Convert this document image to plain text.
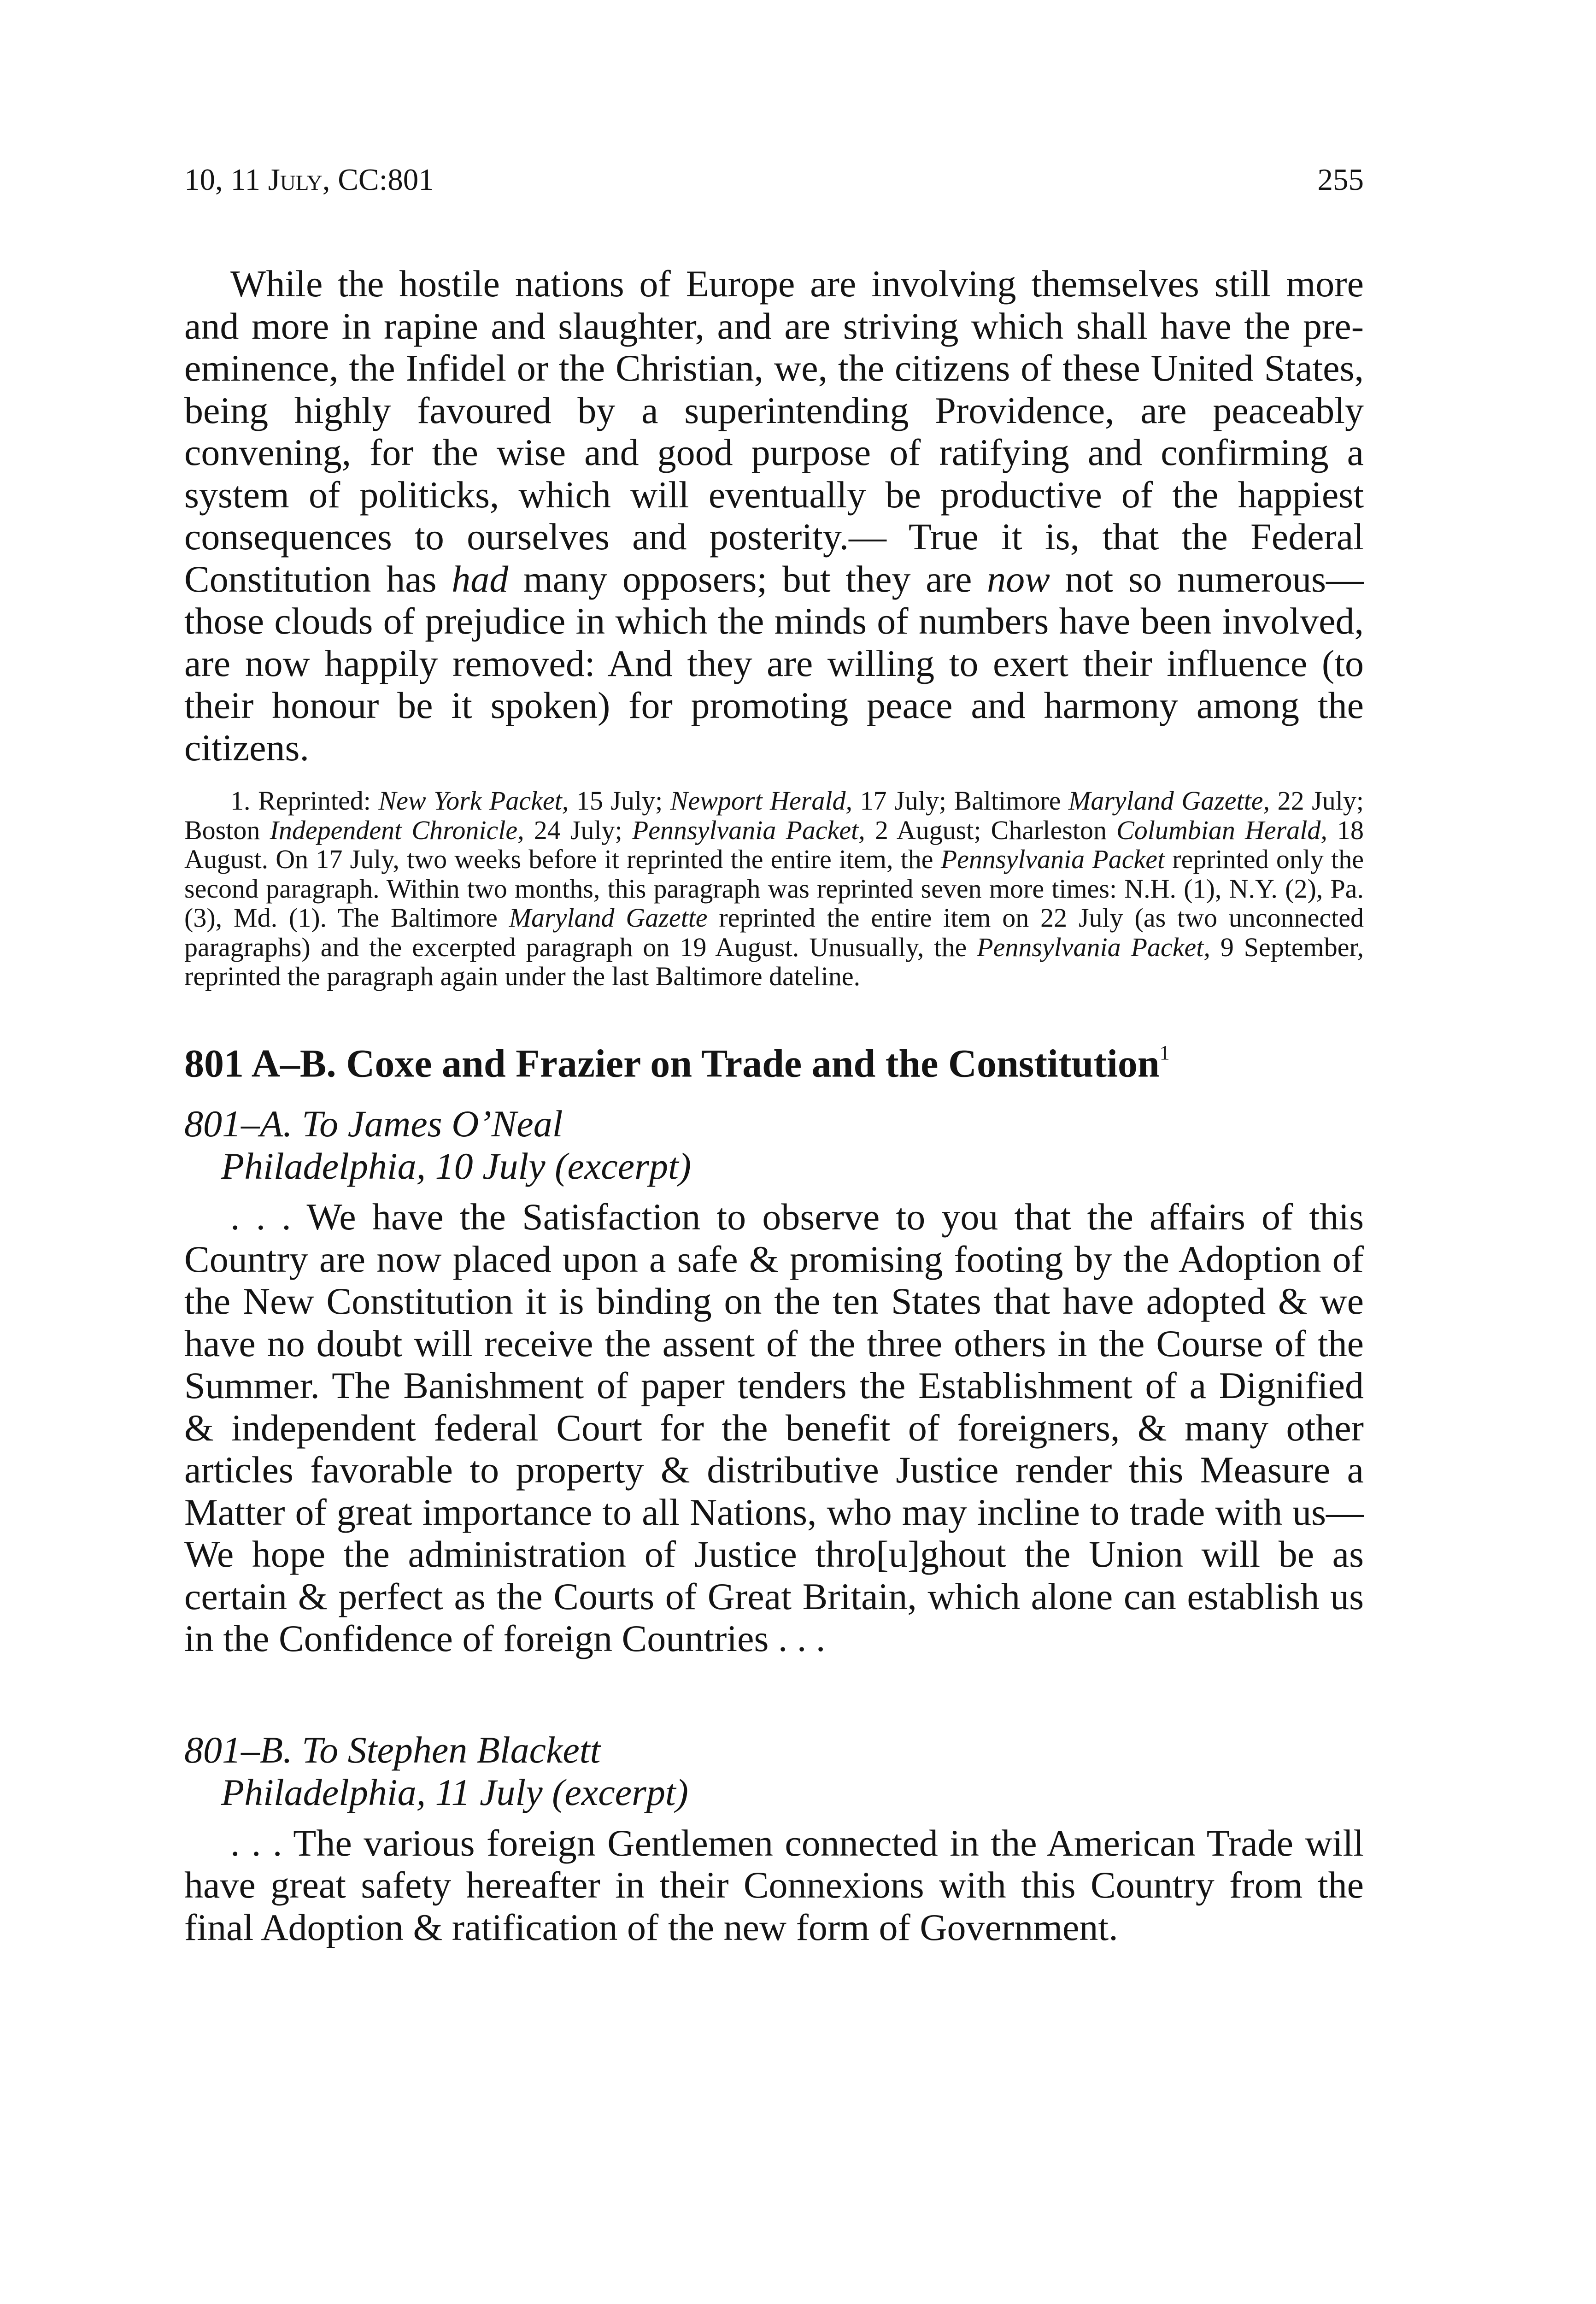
10, 11 July, CC:801	255

While the hostile nations of Europe are involving themselves still more and more in rapine and slaughter, and are striving which shall have the pre-eminence, the Infidel or the Christian, we, the citizens of these United States, being highly favoured by a superintending Providence, are peaceably convening, for the wise and good purpose of ratifying and confirming a system of politicks, which will eventually be productive of the happiest consequences to ourselves and posterity.— True it is, that the Federal Constitution has had many opposers; but they are now not so numerous—those clouds of prejudice in which the minds of numbers have been involved, are now happily removed: And they are willing to exert their influence (to their honour be it spoken) for promoting peace and harmony among the citizens.

1. Reprinted: New York Packet, 15 July; Newport Herald, 17 July; Baltimore Maryland Gazette, 22 July; Boston Independent Chronicle, 24 July; Pennsylvania Packet, 2 August; Charleston Columbian Herald, 18 August. On 17 July, two weeks before it reprinted the entire item, the Pennsylvania Packet reprinted only the second paragraph. Within two months, this paragraph was reprinted seven more times: N.H. (1), N.Y. (2), Pa. (3), Md. (1). The Baltimore Maryland Gazette reprinted the entire item on 22 July (as two unconnected paragraphs) and the excerpted paragraph on 19 August. Unusually, the Pennsylvania Packet, 9 September, reprinted the paragraph again under the last Baltimore dateline.
801 A–B. Coxe and Frazier on Trade and the Constitution$^1$

801–A. To James O’Neal

Philadelphia, 10 July (excerpt)

. . . We have the Satisfaction to observe to you that the affairs of this Country are now placed upon a safe & promising footing by the Adoption of the New Constitution it is binding on the ten States that have adopted & we have no doubt will receive the assent of the three others in the Course of the Summer. The Banishment of paper tenders the Establishment of a Dignified & independent federal Court for the benefit of foreigners, & many other articles favorable to property & distributive Justice render this Measure a Matter of great importance to all Nations, who may incline to trade with us—We hope the administration of Justice thro[u]ghout the Union will be as certain & perfect as the Courts of Great Britain, which alone can establish us in the Confidence of foreign Countries . . .

801–B. To Stephen Blackett

Philadelphia, 11 July (excerpt)

. . . The various foreign Gentlemen connected in the American Trade will have great safety hereafter in their Connexions with this Country from the final Adoption & ratification of the new form of Government.
